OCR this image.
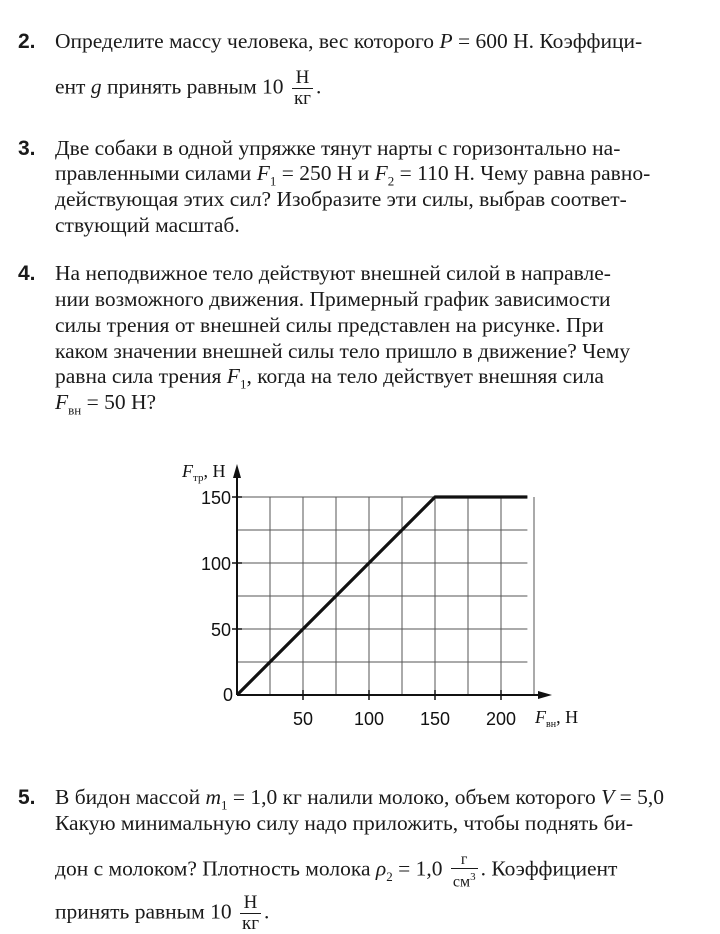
2. Определите массу человека, вес которого P = 600 Н. Коэффици-
ент g принять равным $10 \frac{Н}{кг}$ .
3. Две собаки в одной упряжке тянут нарты с горизонтально на-
правленными силами $F_1 = 250$ Н и $F_2 = 110$ Н. Чему равна равно-
действующая этих сил? Изобразите эти силы, выбрав соответ-
ствующий масштаб.
4. На неподвижное тело действуют внешней силой в направле-
нии возможного движения. Примерный график зависимости
силы трения от внешней силы представлен на рисунке. При
каком значении внешней силы тело пришло в движение? Чему
равна сила трения $F_1$, когда на тело действует внешняя сила
$F_{вн} = 50$ Н?
50
100
150
50 100 150 200
0
$F_{тр}$, Н
$F_{вн}$, Н
5. В бидон массой $m_1 = 1,0$ кг налили молоко, объем которого V = 5,0
Какую минимальную силу надо приложить, чтобы поднять би-
дон с молоком? Плотность молока $\rho_2 = 1,0 \frac{г}{см^3}$ . Коэффициент
принять равным $10 \frac{Н}{кг}$ .
